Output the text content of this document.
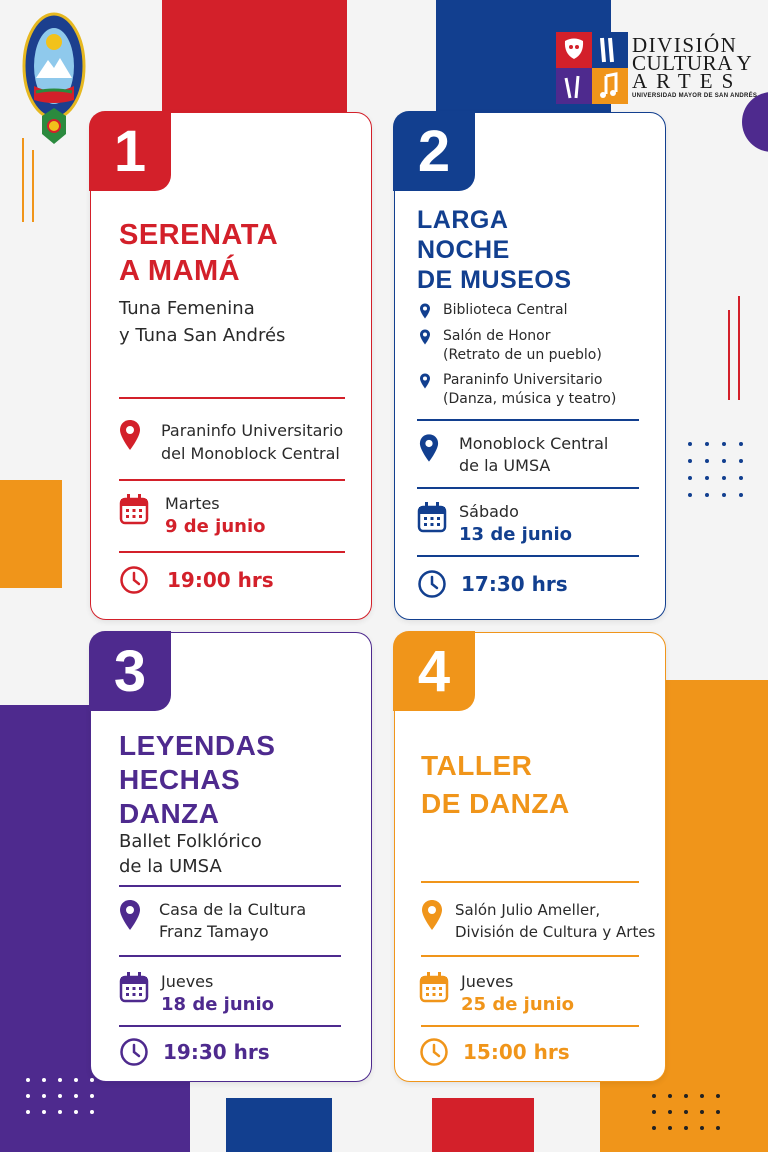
DIVISIÓN
CULTURA Y
ARTES
UNIVERSIDAD MAYOR DE SAN ANDRÉS
1
SERENATA
A MAMÁ
Tuna Femenina
y Tuna San Andrés
Paraninfo Universitario
del Monoblock Central
Martes
9 de junio
19:00 hrs
2
LARGA
NOCHE
DE MUSEOS
Biblioteca Central
Salón de Honor
(Retrato de un pueblo)
Paraninfo Universitario
(Danza, música y teatro)
Monoblock Central
de la UMSA
Sábado
13 de junio
17:30 hrs
3
LEYENDAS
HECHAS
DANZA
Ballet Folklórico
de la UMSA
Casa de la Cultura
Franz Tamayo
Jueves
18 de junio
19:30 hrs
4
TALLER
DE DANZA
Salón Julio Ameller,
División de Cultura y Artes
Jueves
25 de junio
15:00 hrs
